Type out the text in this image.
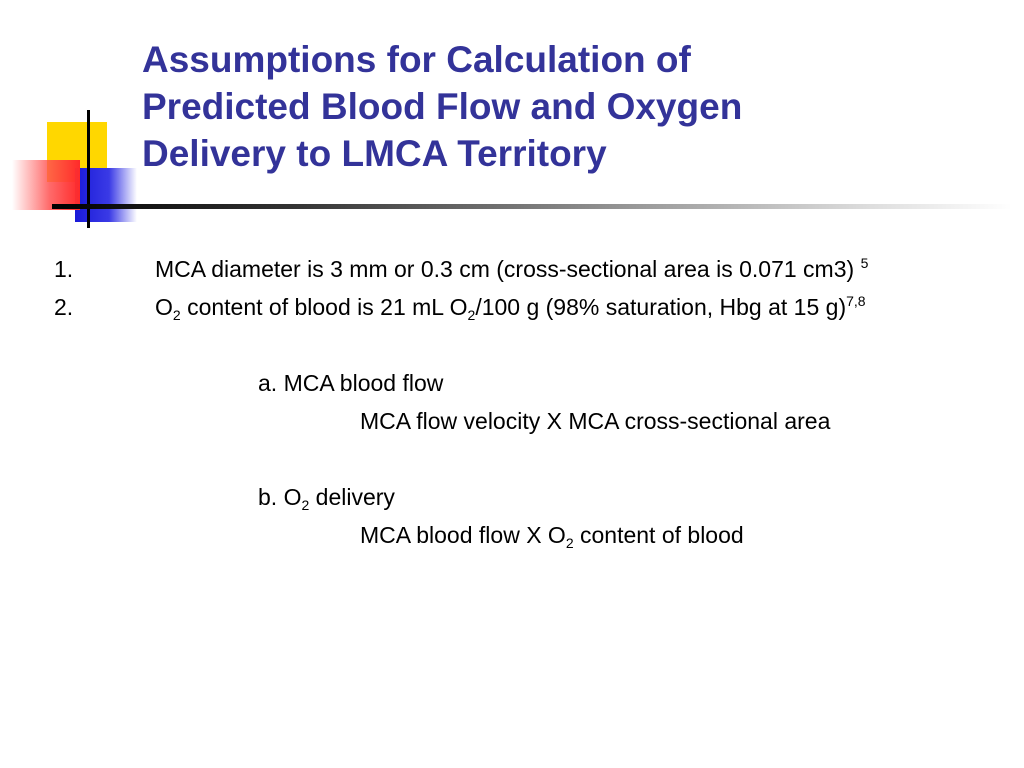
Assumptions for Calculation of
Predicted Blood Flow and Oxygen
Delivery to LMCA Territory
1.	MCA diameter is 3 mm or 0.3 cm (cross-sectional area is 0.071 cm3) $^5$
2.	$O_2$ content of blood is 21 mL $O_2/100$ g (98% saturation, Hbg at 15 g)$^{7,8}$
a. MCA blood flow
MCA flow velocity X MCA cross-sectional area
b. $O_2$ delivery
MCA blood flow X $O_2$ content of blood
